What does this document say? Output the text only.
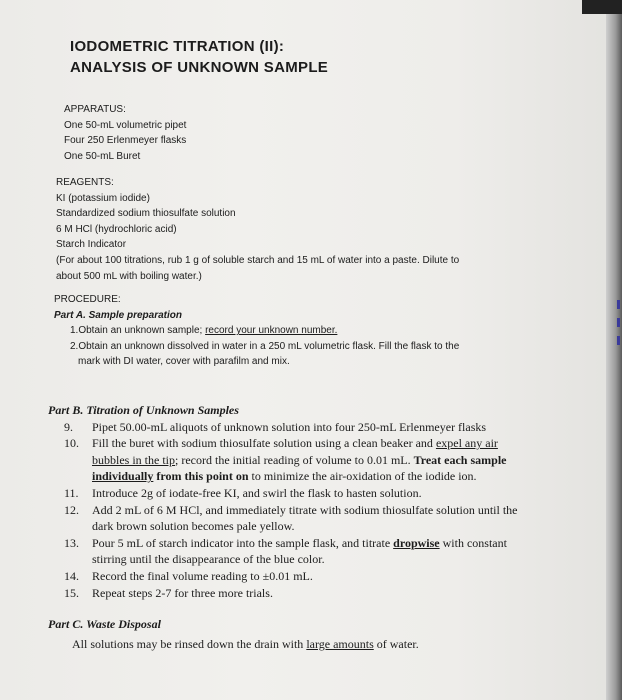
IODOMETRIC TITRATION (II):
ANALYSIS OF UNKNOWN SAMPLE
APPARATUS:
One 50-mL volumetric pipet
Four 250 Erlenmeyer flasks
One 50-mL Buret
REAGENTS:
KI (potassium iodide)
Standardized sodium thiosulfate solution
6 M HCl (hydrochloric acid)
Starch Indicator
(For about 100 titrations, rub 1 g of soluble starch and 15 mL of water into a paste. Dilute to
about 500 mL with boiling water.)
PROCEDURE:
Part A. Sample preparation
1.Obtain an unknown sample; record your unknown number.
2.Obtain an unknown dissolved in water in a 250 mL volumetric flask. Fill the flask to the
mark with DI water, cover with parafilm and mix.
Part B. Titration of Unknown Samples
9. Pipet 50.00-mL aliquots of unknown solution into four 250-mL Erlenmeyer flasks
10. Fill the buret with sodium thiosulfate solution using a clean beaker and expel any air
bubbles in the tip; record the initial reading of volume to 0.01 mL. Treat each sample
individually from this point on to minimize the air-oxidation of the iodide ion.
11. Introduce 2g of iodate-free KI, and swirl the flask to hasten solution.
12. Add 2 mL of 6 M HCl, and immediately titrate with sodium thiosulfate solution until the
dark brown solution becomes pale yellow.
13. Pour 5 mL of starch indicator into the sample flask, and titrate dropwise with constant
stirring until the disappearance of the blue color.
14. Record the final volume reading to ±0.01 mL.
15. Repeat steps 2-7 for three more trials.
Part C. Waste Disposal
All solutions may be rinsed down the drain with large amounts of water.
